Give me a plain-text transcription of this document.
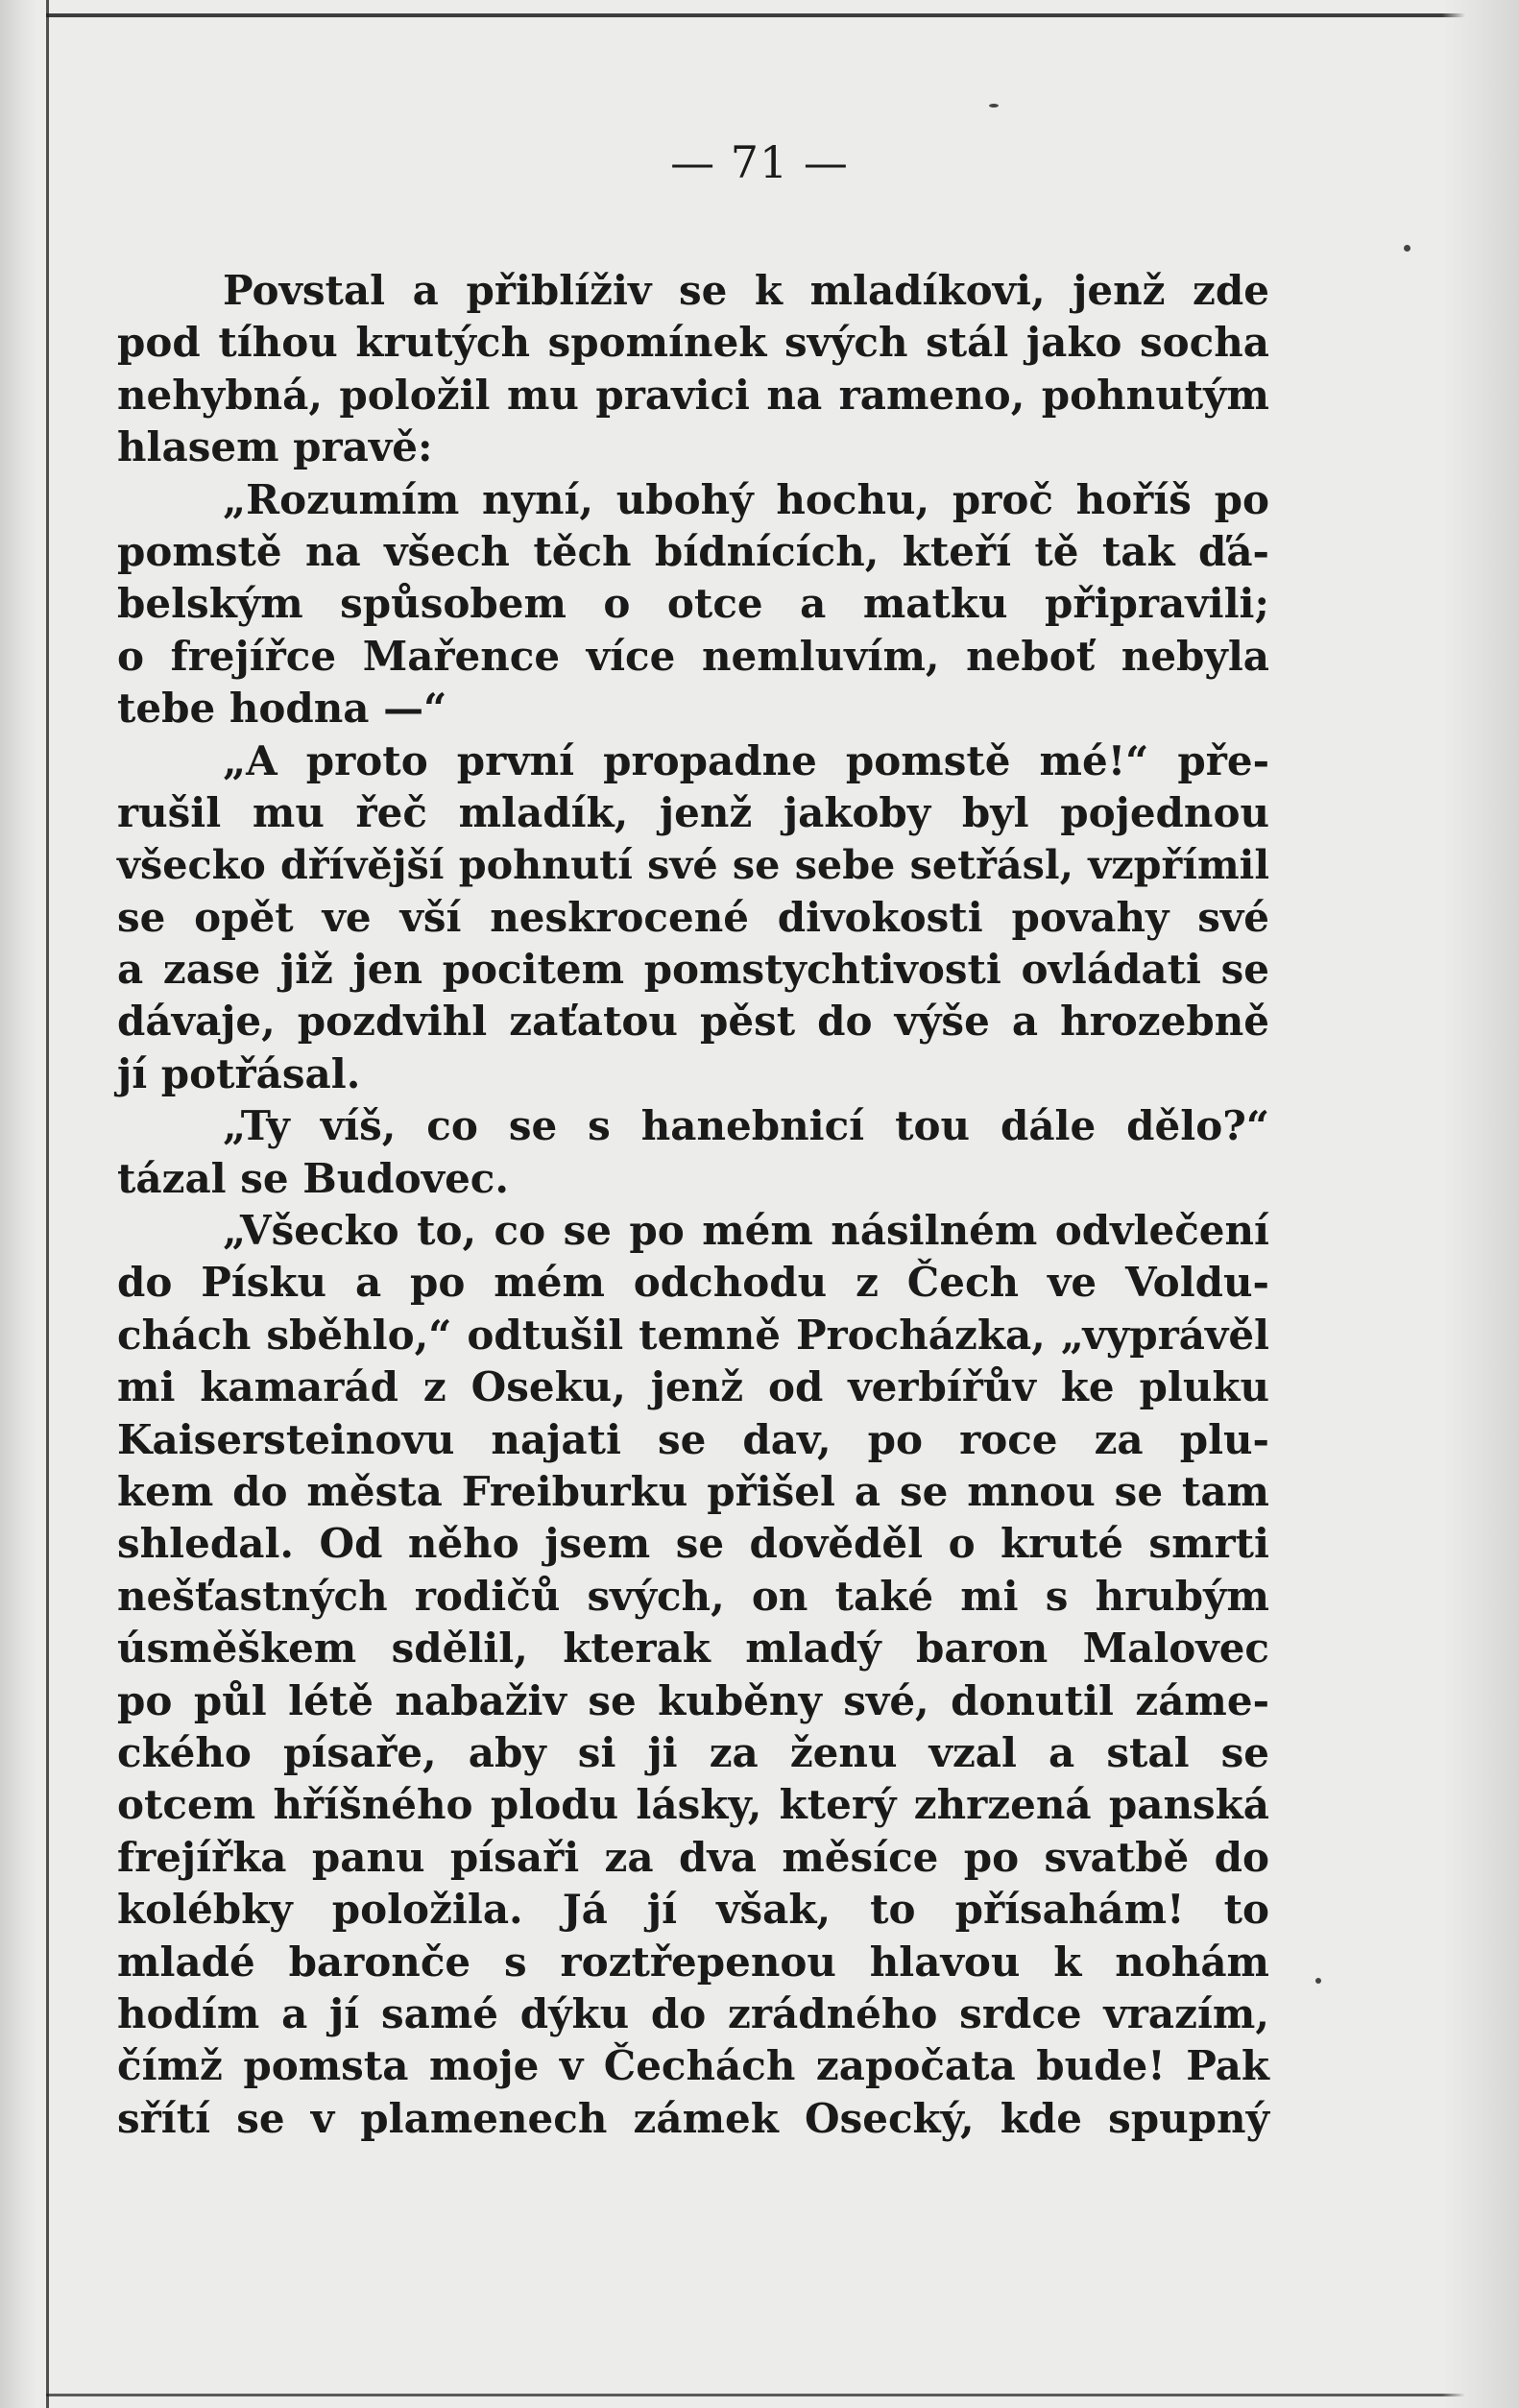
— 71 —
Povstal a přiblíživ se k mladíkovi, jenž zde
pod tíhou krutých spomínek svých stál jako socha
nehybná, položil mu pravici na rameno, pohnutým
hlasem pravě:
„Rozumím nyní, ubohý hochu, proč hoříš po
pomstě na všech těch bídnících, kteří tě tak ďá-
belským spůsobem o otce a matku připravili;
o frejířce Mařence více nemluvím, neboť nebyla
tebe hodna —“
„A proto první propadne pomstě mé!“ pře-
rušil mu řeč mladík, jenž jakoby byl pojednou
všecko dřívější pohnutí své se sebe setřásl, vzpřímil
se opět ve vší neskrocené divokosti povahy své
a zase již jen pocitem pomstychtivosti ovládati se
dávaje, pozdvihl zaťatou pěst do výše a hrozebně
jí potřásal.
„Ty víš, co se s hanebnicí tou dále dělo?“
tázal se Budovec.
„Všecko to, co se po mém násilném odvlečení
do Písku a po mém odchodu z Čech ve Voldu-
chách sběhlo,“ odtušil temně Procházka, „vyprávěl
mi kamarád z Oseku, jenž od verbířův ke pluku
Kaisersteinovu najati se dav, po roce za plu-
kem do města Freiburku přišel a se mnou se tam
shledal. Od něho jsem se dověděl o kruté smrti
nešťastných rodičů svých, on také mi s hrubým
úsměškem sdělil, kterak mladý baron Malovec
po půl létě nabaživ se kuběny své, donutil záme-
ckého písaře, aby si ji za ženu vzal a stal se
otcem hříšného plodu lásky, který zhrzená panská
frejířka panu písaři za dva měsíce po svatbě do
kolébky položila. Já jí však, to přísahám! to
mladé baronče s roztřepenou hlavou k nohám
hodím a jí samé dýku do zrádného srdce vrazím,
čímž pomsta moje v Čechách započata bude! Pak
sřítí se v plamenech zámek Osecký, kde spupný
